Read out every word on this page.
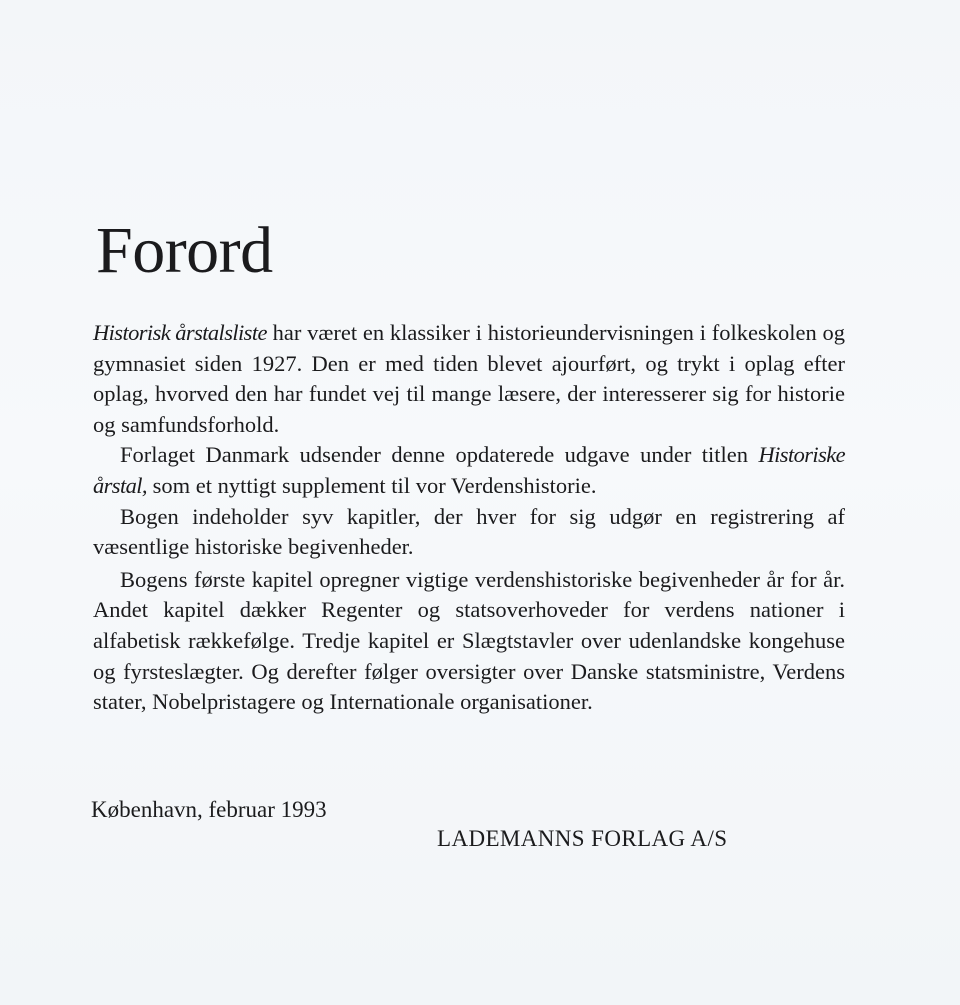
Forord

Historisk årstalsliste har været en klassiker i historieundervisningen i folkeskolen og gymnasiet siden 1927. Den er med tiden blevet ajourført, og trykt i oplag efter oplag, hvorved den har fundet vej til mange læsere, der interesserer sig for historie og samfundsforhold.

Forlaget Danmark udsender denne opdaterede udgave under titlen Historiske årstal, som et nyttigt supplement til vor Verdenshistorie.

Bogen indeholder syv kapitler, der hver for sig udgør en registrering af væsentlige historiske begivenheder.

Bogens første kapitel opregner vigtige verdenshistoriske begivenheder år for år. Andet kapitel dækker Regenter og statsoverhoveder for verdens nationer i alfabetisk rækkefølge. Tredje kapitel er Slægtstavler over udenlandske kongehuse og fyrsteslægter. Og derefter følger oversigter over Danske statsministre, Verdens stater, Nobelpristagere og Internationale organisationer.

København, februar 1993
LADEMANNS FORLAG A/S
